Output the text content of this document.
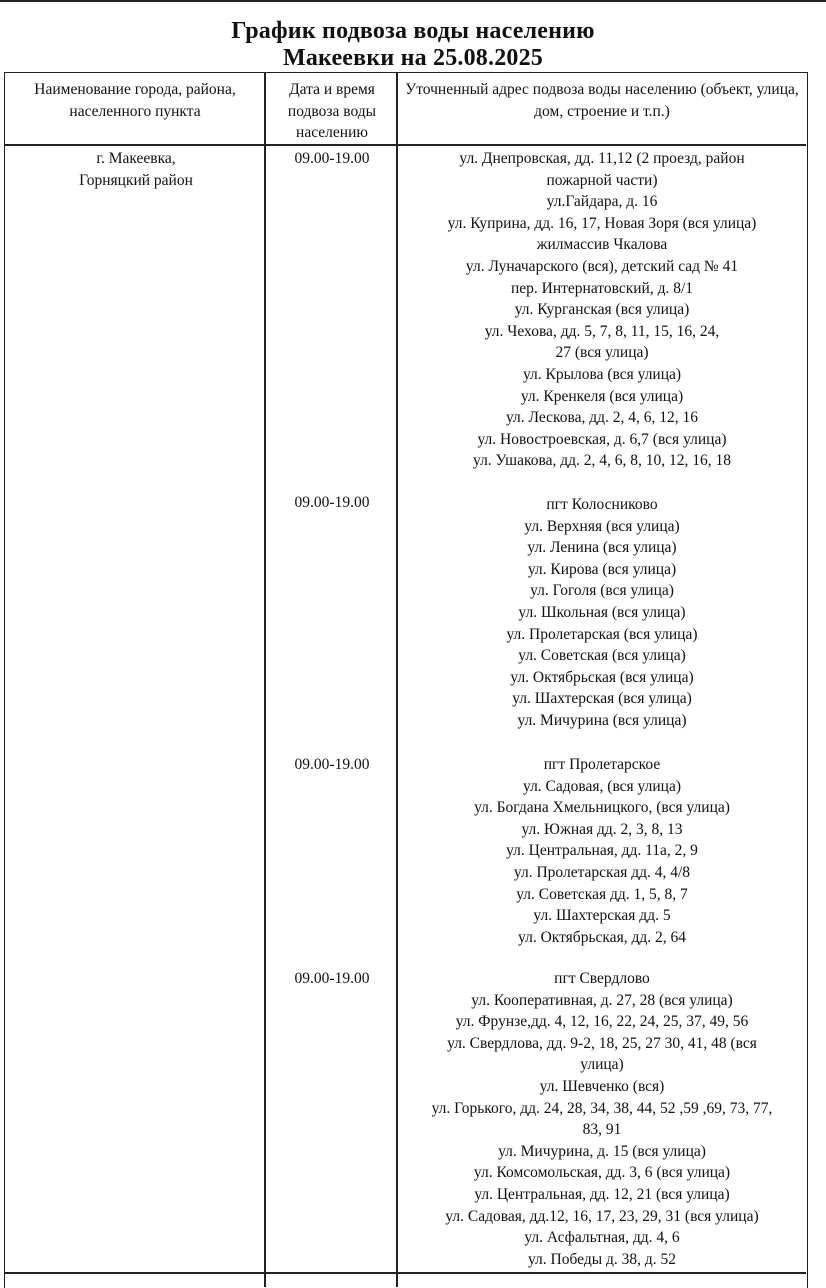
График подвоза воды населению
Макеевки на 25.08.2025
Наименование города, района, населенного пункта
Дата и время подвоза воды населению
Уточненный адрес подвоза воды населению (объект, улица, дом, строение и т.п.)
г. Макеевка,
Горняцкий район
09.00-19.00
09.00-19.00
09.00-19.00
09.00-19.00
ул. Днепровская, дд. 11,12 (2 проезд, район
пожарной части)
ул.Гайдара, д. 16
ул. Куприна, дд. 16, 17, Новая Зоря (вся улица)
жилмассив Чкалова
ул. Луначарского (вся), детский сад № 41
пер. Интернатовский, д. 8/1
ул. Курганская (вся улица)
ул. Чехова, дд. 5, 7, 8, 11, 15, 16, 24,
27 (вся улица)
ул. Крылова (вся улица)
ул. Кренкеля (вся улица)
ул. Лескова, дд. 2, 4, 6, 12, 16
ул. Новостроевская, д. 6,7 (вся улица)
ул. Ушакова, дд. 2, 4, 6, 8, 10, 12, 16, 18
пгт Колосниково
ул. Верхняя (вся улица)
ул. Ленина (вся улица)
ул. Кирова (вся улица)
ул. Гоголя (вся улица)
ул. Школьная (вся улица)
ул. Пролетарская (вся улица)
ул. Советская (вся улица)
ул. Октябрьская (вся улица)
ул. Шахтерская (вся улица)
ул. Мичурина (вся улица)
пгт Пролетарское
ул. Садовая, (вся улица)
ул. Богдана Хмельницкого, (вся улица)
ул. Южная дд. 2, 3, 8, 13
ул. Центральная, дд. 11а, 2, 9
ул. Пролетарская дд. 4, 4/8
ул. Советская дд. 1, 5, 8, 7
ул. Шахтерская дд. 5
ул. Октябрьская, дд. 2, 64
пгт Свердлово
ул. Кооперативная, д. 27, 28 (вся улица)
ул. Фрунзе,дд. 4, 12, 16, 22, 24, 25, 37, 49, 56
ул. Свердлова, дд. 9-2, 18, 25, 27 30, 41, 48 (вся
улица)
ул. Шевченко (вся)
ул. Горького, дд. 24, 28, 34, 38, 44, 52 ,59 ,69, 73, 77,
83, 91
ул. Мичурина, д. 15 (вся улица)
ул. Комсомольская, дд. 3, 6 (вся улица)
ул. Центральная, дд. 12, 21 (вся улица)
ул. Садовая, дд.12, 16, 17, 23, 29, 31 (вся улица)
ул. Асфальтная, дд. 4, 6
ул. Победы д. 38, д. 52
